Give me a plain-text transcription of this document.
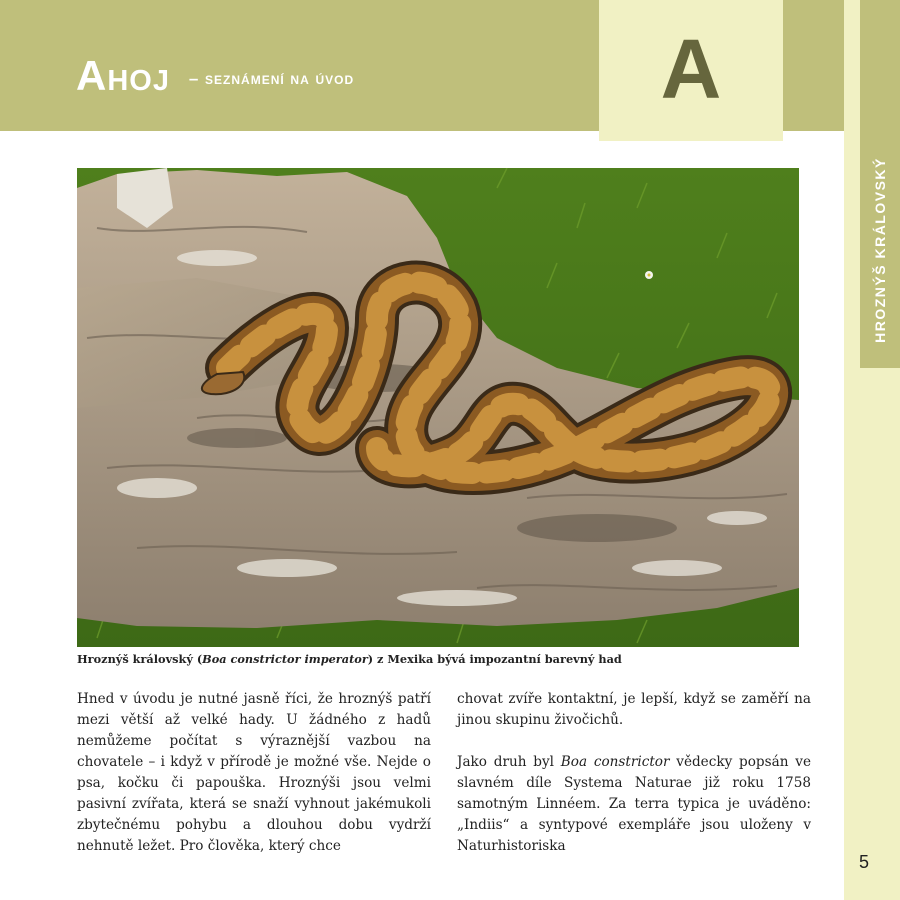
Ahoj – seznámení na úvod	A
HROZNÝŠ KRÁLOVSKÝ

Hroznýš královský (Boa constrictor imperator) z Mexika bývá impozantní barevný had

Hned v úvodu je nutné jasně říci, že hroznýš patří mezi větší až velké hady. U žádného z hadů nemůžeme počítat s výraznější vazbou na chovatele – i když v přírodě je možné vše. Nejde o psa, kočku či papouška. Hroznýši jsou velmi pasivní zvířata, která se snaží vyhnout jakémukoli zbytečnému pohybu a dlouhou dobu vydrží nehnutě ležet. Pro člověka, který chce

chovat zvíře kontaktní, je lepší, když se zaměří na jinou skupinu živočichů.

Jako druh byl Boa constrictor vědecky popsán ve slavném díle Systema Naturae již roku 1758 samotným Linnéem. Za terra typica je uváděno: „Indiis“ a syntypové exempláře jsou uloženy v Naturhistoriska

5
